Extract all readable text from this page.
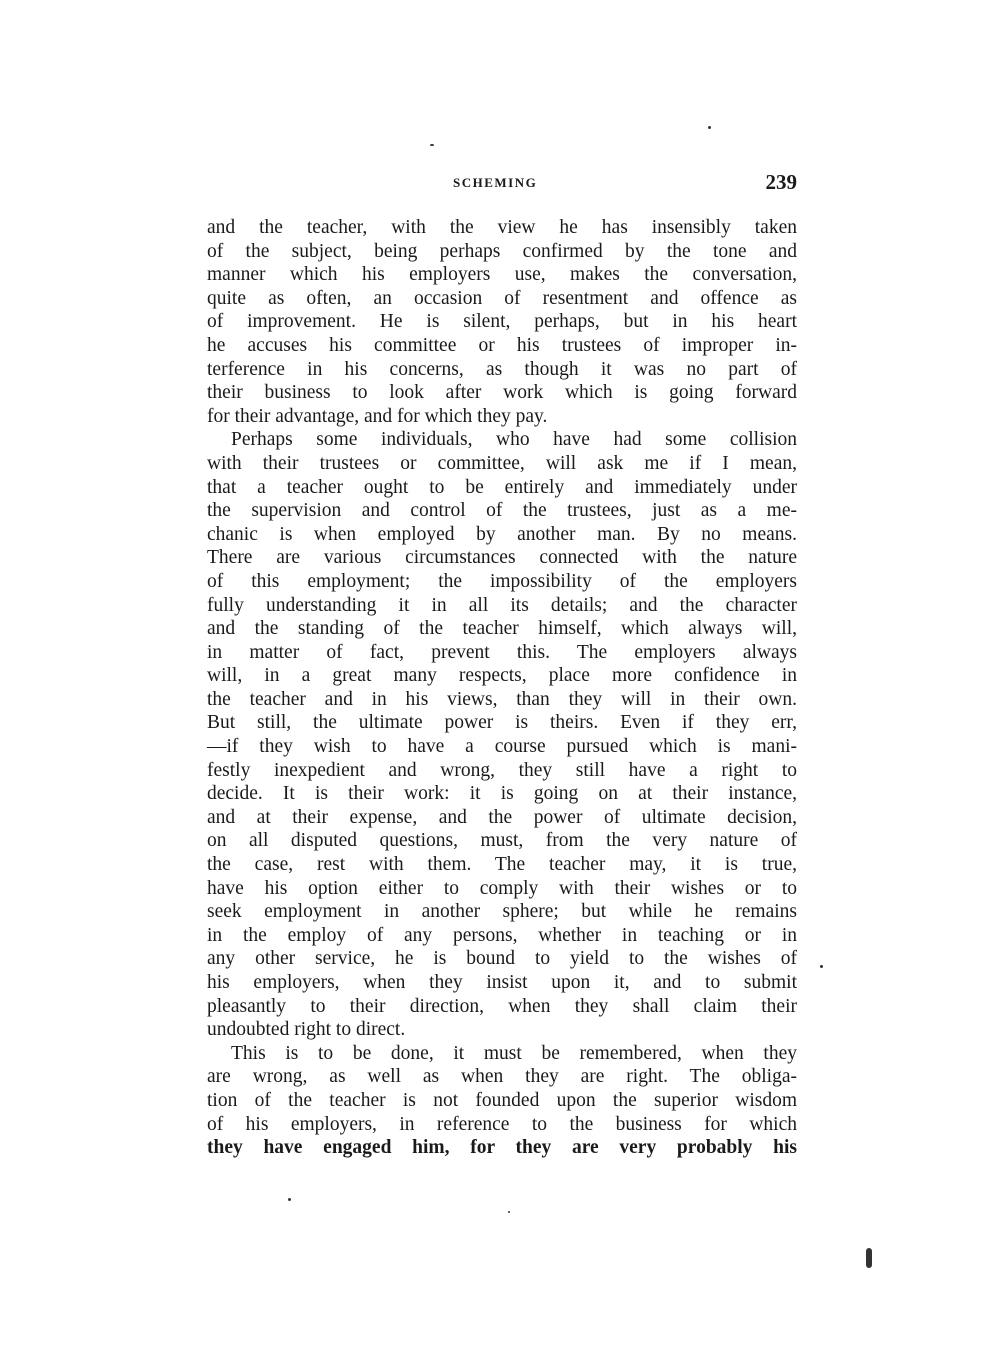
SCHEMING	239
and the teacher, with the view he has insensibly taken
of the subject, being perhaps confirmed by the tone and
manner which his employers use, makes the conversation,
quite as often, an occasion of resentment and offence as
of improvement. He is silent, perhaps, but in his heart
he accuses his committee or his trustees of improper in-
terference in his concerns, as though it was no part of
their business to look after work which is going forward
for their advantage, and for which they pay.
Perhaps some individuals, who have had some collision
with their trustees or committee, will ask me if I mean,
that a teacher ought to be entirely and immediately under
the supervision and control of the trustees, just as a me-
chanic is when employed by another man. By no means.
There are various circumstances connected with the nature
of this employment; the impossibility of the employers
fully understanding it in all its details; and the character
and the standing of the teacher himself, which always will,
in matter of fact, prevent this. The employers always
will, in a great many respects, place more confidence in
the teacher and in his views, than they will in their own.
But still, the ultimate power is theirs. Even if they err,
—if they wish to have a course pursued which is mani-
festly inexpedient and wrong, they still have a right to
decide. It is their work: it is going on at their instance,
and at their expense, and the power of ultimate decision,
on all disputed questions, must, from the very nature of
the case, rest with them. The teacher may, it is true,
have his option either to comply with their wishes or to
seek employment in another sphere; but while he remains
in the employ of any persons, whether in teaching or in
any other service, he is bound to yield to the wishes of
his employers, when they insist upon it, and to submit
pleasantly to their direction, when they shall claim their
undoubted right to direct.
This is to be done, it must be remembered, when they
are wrong, as well as when they are right. The obliga-
tion of the teacher is not founded upon the superior wisdom
of his employers, in reference to the business for which
they have engaged him, for they are very probably his
